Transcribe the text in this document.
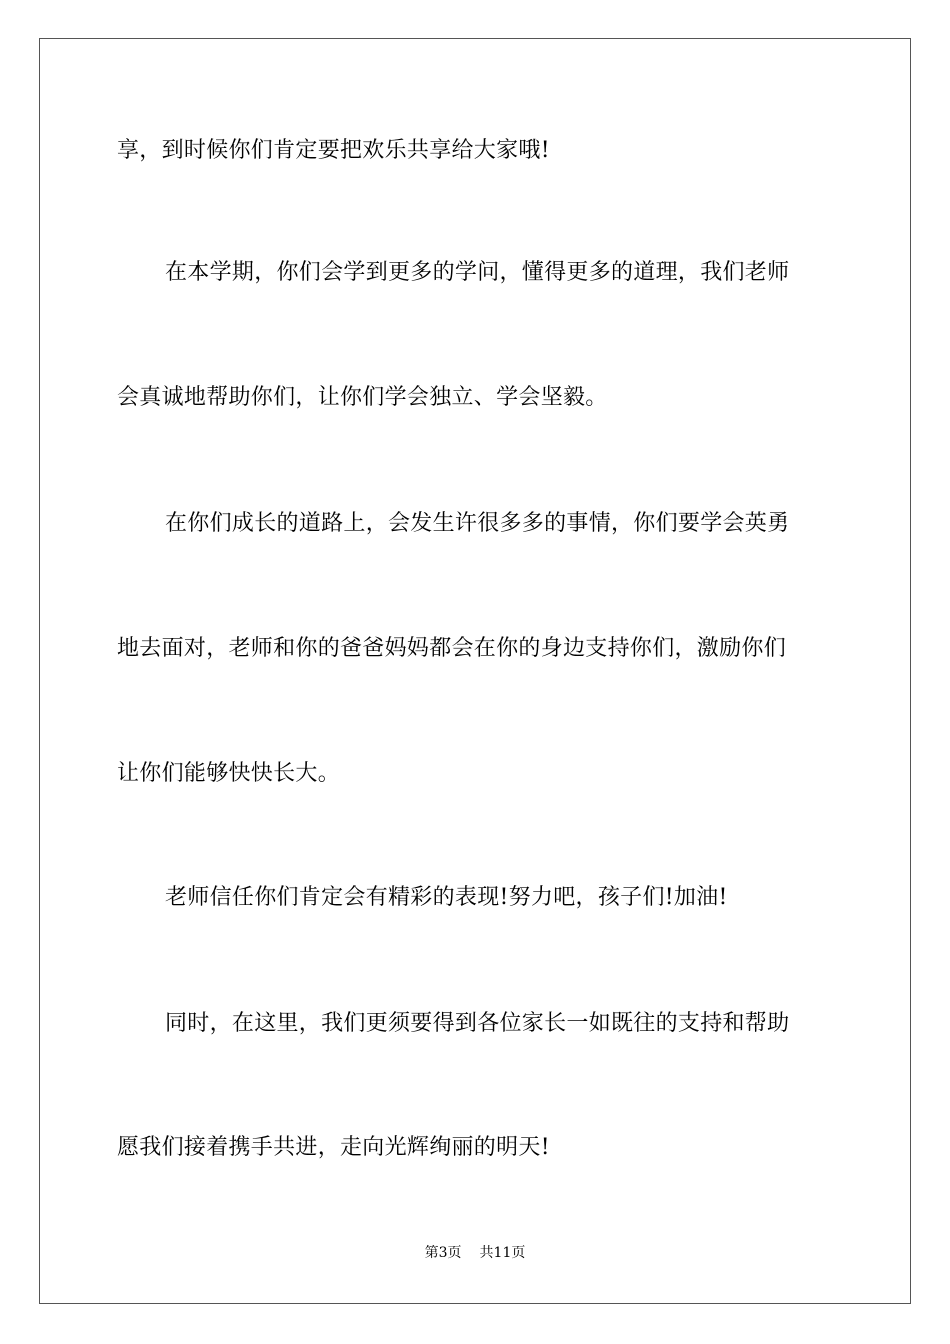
享，到时候你们肯定要把欢乐共享给大家哦!
在本学期，你们会学到更多的学问，懂得更多的道理，我们老师
会真诚地帮助你们，让你们学会独立、学会坚毅。
在你们成长的道路上，会发生许很多多的事情，你们要学会英勇
地去面对，老师和你的爸爸妈妈都会在你的身边支持你们，激励你们
让你们能够快快长大。
老师信任你们肯定会有精彩的表现!努力吧，孩子们!加油!
同时，在这里，我们更须要得到各位家长一如既往的支持和帮助
愿我们接着携手共进，走向光辉绚丽的明天!
第3页 共11页
